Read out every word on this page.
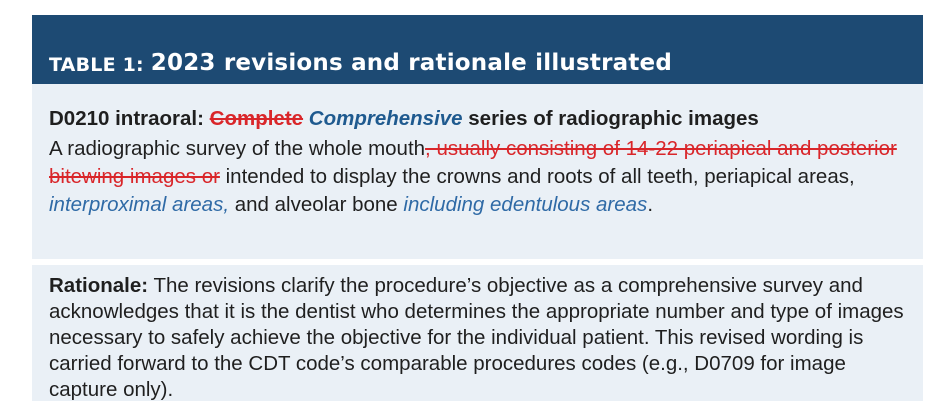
TABLE 1: 2023 revisions and rationale illustrated
D0210 intraoral: Complete Comprehensive series of radiographic images
A radiographic survey of the whole mouth, usually consisting of 14-22 periapical and posterior bitewing images or intended to display the crowns and roots of all teeth, periapical areas, interproximal areas, and alveolar bone including edentulous areas.
Rationale: The revisions clarify the procedure’s objective as a comprehensive survey and acknowledges that it is the dentist who determines the appropriate number and type of images necessary to safely achieve the objective for the individual patient. This revised wording is carried forward to the CDT code’s comparable procedures codes (e.g., D0709 for image capture only).
